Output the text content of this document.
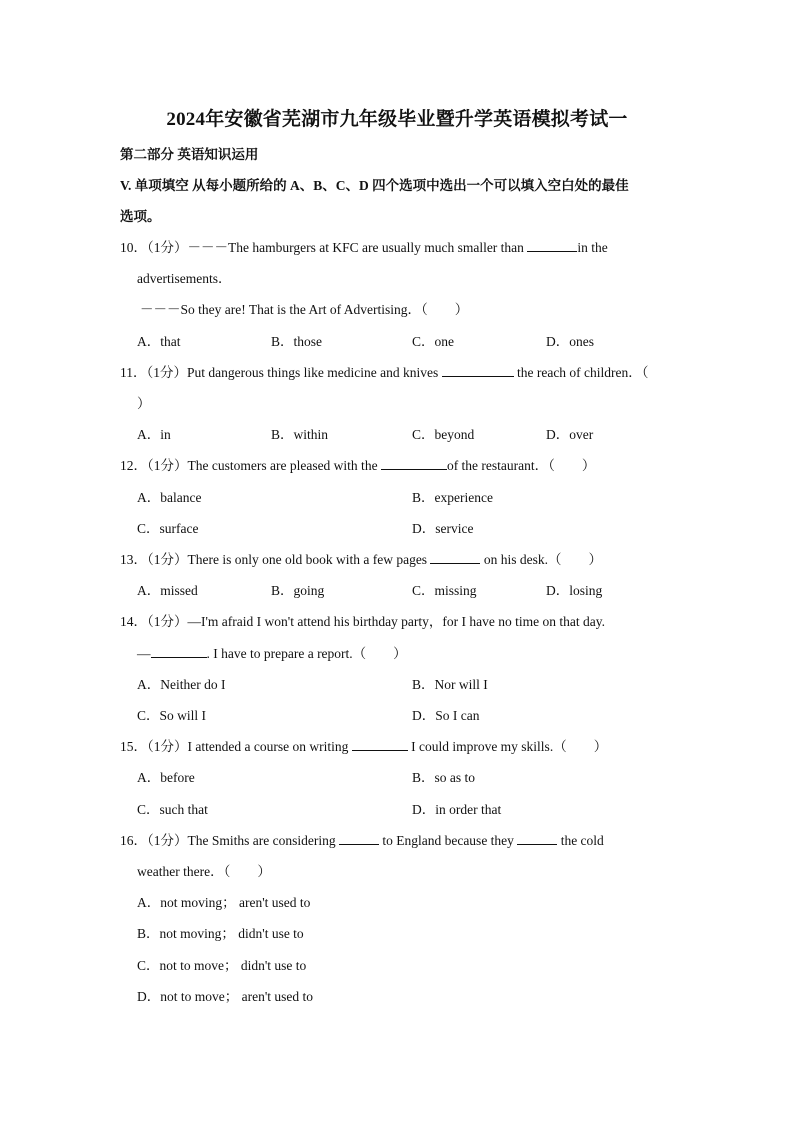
2024年安徽省芜湖市九年级毕业暨升学英语模拟考试一
第二部分 英语知识运用
V. 单项填空 从每小题所给的 A、B、C、D 四个选项中选出一个可以填入空白处的最佳
选项。
10．（1分）－－－The hamburgers at KFC are usually much smaller than	in the
advertisements．
－－－So they are! That is the Art of Advertising．（　　）
A．that	B．those	C．one	D．ones
11．（1分）Put dangerous things like medicine and knives	the reach of children．（
）
A．in	B．within	C．beyond	D．over
12．（1分）The customers are pleased with the	of the restaurant．（　　）
A．balance	B．experience
C．surface	D．service
13．（1分）There is only one old book with a few pages	on his desk.（　　）
A．missed	B．going	C．missing	D．losing
14．（1分）—I'm afraid I won't attend his birthday party，for I have no time on that day.
—	. I have to prepare a report.（　　）
A．Neither do I	B．Nor will I
C．So will I	D．So I can
15．（1分）I attended a course on writing	I could improve my skills.（　　）
A．before	B．so as to
C．such that	D．in order that
16．（1分）The Smiths are considering	to England because they	the cold
weather there．（　　）
A．not moving； aren't used to
B．not moving； didn't use to
C．not to move； didn't use to
D．not to move； aren't used to
